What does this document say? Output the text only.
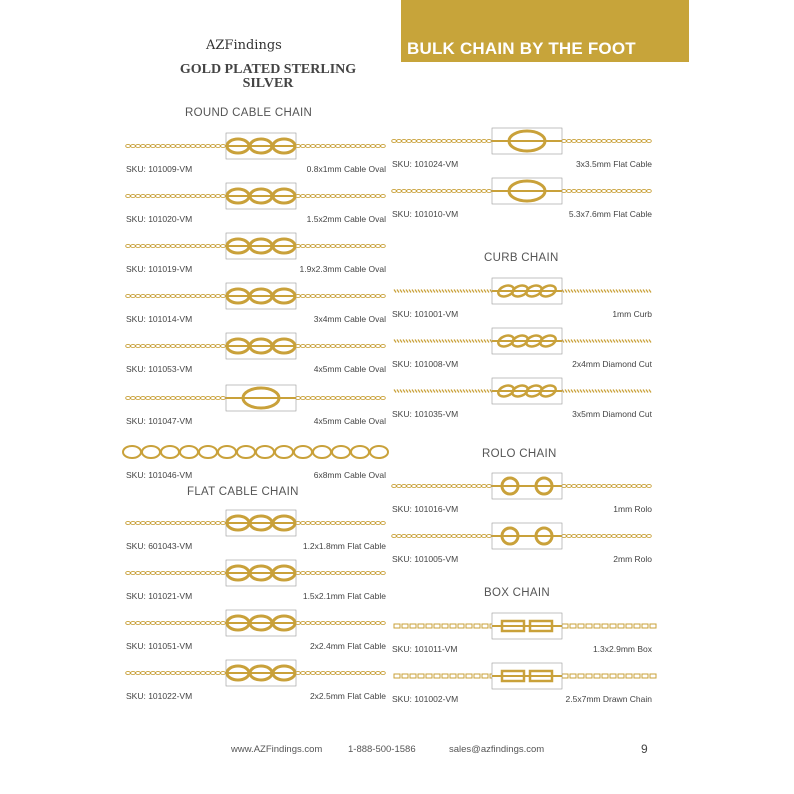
BULK CHAIN BY THE FOOT
AZFindings
GOLD PLATED STERLING
SILVER
ROUND CABLE CHAIN
FLAT CABLE CHAIN
CURB CHAIN
ROLO CHAIN
BOX CHAIN
SKU: 101009-VM	0.8x1mm Cable Oval
SKU: 101020-VM	1.5x2mm Cable Oval
SKU: 101019-VM	1.9x2.3mm Cable Oval
SKU: 101014-VM	3x4mm Cable Oval
SKU: 101053-VM	4x5mm Cable Oval
SKU: 101047-VM	4x5mm Cable Oval
SKU: 101046-VM	6x8mm Cable Oval
SKU: 601043-VM	1.2x1.8mm Flat Cable
SKU: 101021-VM	1.5x2.1mm Flat Cable
SKU: 101051-VM	2x2.4mm Flat Cable
SKU: 101022-VM	2x2.5mm Flat Cable
SKU: 101024-VM	3x3.5mm Flat Cable
SKU: 101010-VM	5.3x7.6mm Flat Cable
SKU: 101001-VM	1mm Curb
SKU: 101008-VM	2x4mm Diamond Cut
SKU: 101035-VM	3x5mm Diamond Cut
SKU: 101016-VM	1mm Rolo
SKU: 101005-VM	2mm Rolo
SKU: 101011-VM	1.3x2.9mm Box
SKU: 101002-VM	2.5x7mm Drawn Chain
www.AZFindings.com	1-888-500-1586	sales@azfindings.com	9
